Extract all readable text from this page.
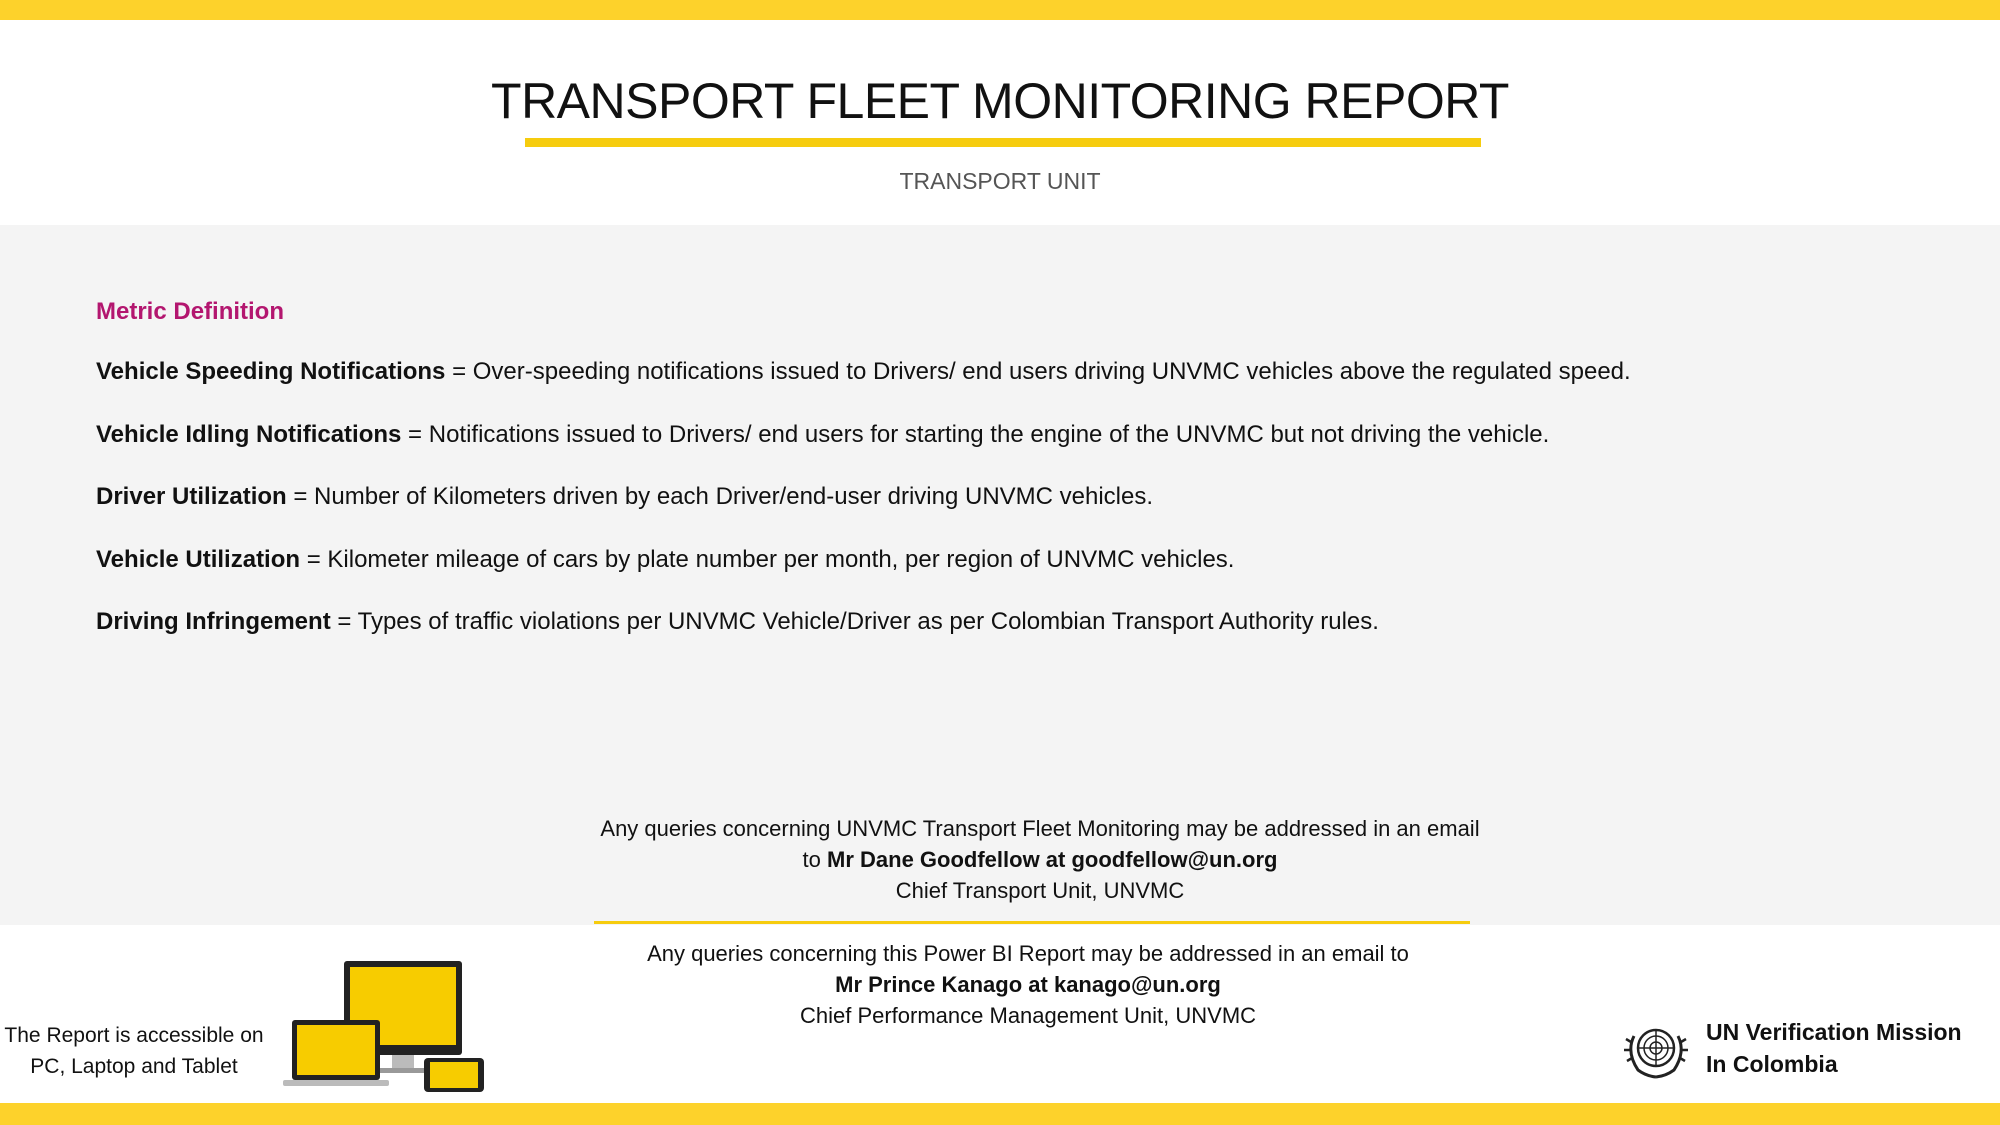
TRANSPORT FLEET MONITORING REPORT
TRANSPORT UNIT
Metric Definition
Vehicle Speeding Notifications = Over-speeding notifications issued to Drivers/ end users driving UNVMC vehicles above the regulated speed.
Vehicle Idling Notifications = Notifications issued to Drivers/ end users for starting the engine of the UNVMC but not driving the vehicle.
Driver Utilization = Number of Kilometers driven by each Driver/end-user driving UNVMC vehicles.
Vehicle Utilization = Kilometer mileage of cars by plate number per month, per region of UNVMC vehicles.
Driving Infringement = Types of traffic violations per UNVMC Vehicle/Driver as per Colombian Transport Authority rules.
Any queries concerning UNVMC Transport Fleet Monitoring may be addressed in an email
to Mr Dane Goodfellow at goodfellow@un.org
Chief Transport Unit, UNVMC
Any queries concerning this Power BI Report may be addressed in an email to
Mr Prince Kanago at kanago@un.org
Chief Performance Management Unit, UNVMC
The Report is accessible on
PC, Laptop and Tablet
UN Verification Mission
In Colombia
